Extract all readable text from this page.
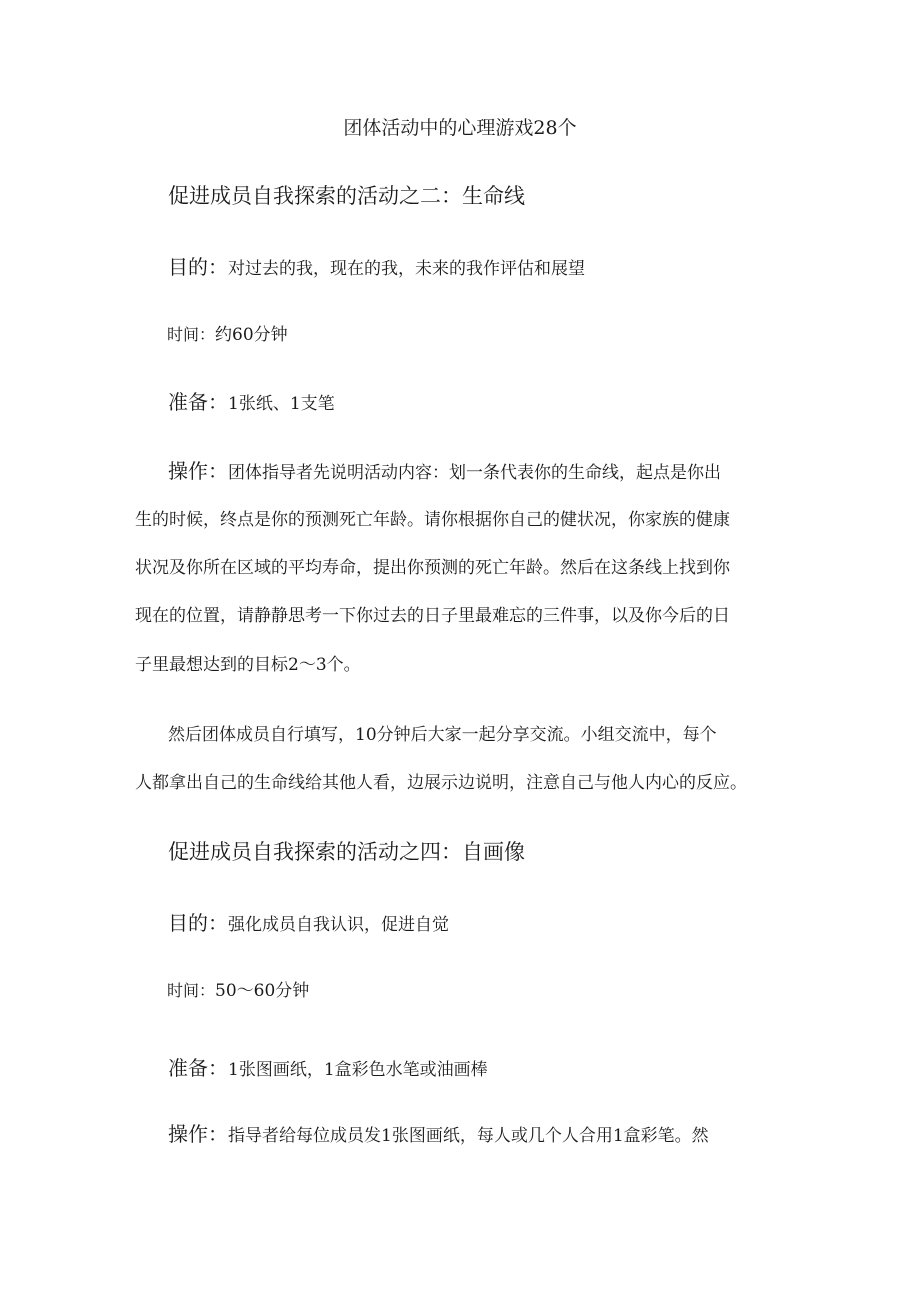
团体活动中的心理游戏28个

促进成员自我探索的活动之二：生命线

目的：对过去的我，现在的我，未来的我作评估和展望

时间：约60分钟

准备：1张纸、1支笔

操作：团体指导者先说明活动内容：划一条代表你的生命线，起点是你出

生的时候，终点是你的预测死亡年龄。请你根据你自己的健状况，你家族的健康

状况及你所在区域的平均寿命，提出你预测的死亡年龄。然后在这条线上找到你

现在的位置，请静静思考一下你过去的日子里最难忘的三件事，以及你今后的日

子里最想达到的目标2～3个。

然后团体成员自行填写，10分钟后大家一起分享交流。小组交流中，每个

人都拿出自己的生命线给其他人看，边展示边说明，注意自己与他人内心的反应。

促进成员自我探索的活动之四：自画像

目的：强化成员自我认识，促进自觉

时间：50～60分钟

准备：1张图画纸，1盒彩色水笔或油画棒

操作：指导者给每位成员发1张图画纸，每人或几个人合用1盒彩笔。然
